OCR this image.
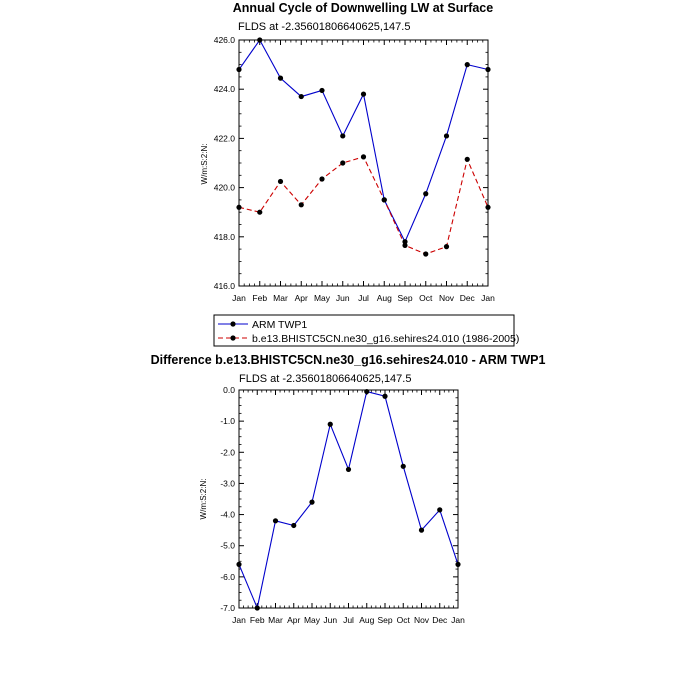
Annual Cycle of Downwelling LW at Surface
FLDS at -2.35601806640625,147.5
W/m:S:2:N:
Jan Feb Mar Apr May Jun Jul Aug Sep Oct Nov Dec Jan
416.0
418.0
420.0
422.0
424.0
426.0
ARM TWP1
b.e13.BHISTC5CN.ne30_g16.sehires24.010 (1986-2005)
Difference b.e13.BHISTC5CN.ne30_g16.sehires24.010 - ARM TWP1
FLDS at -2.35601806640625,147.5
W/m:S:2:N:
Jan Feb Mar Apr May Jun Jul Aug Sep Oct Nov Dec Jan
-7.0
-6.0
-5.0
-4.0
-3.0
-2.0
-1.0
0.0
